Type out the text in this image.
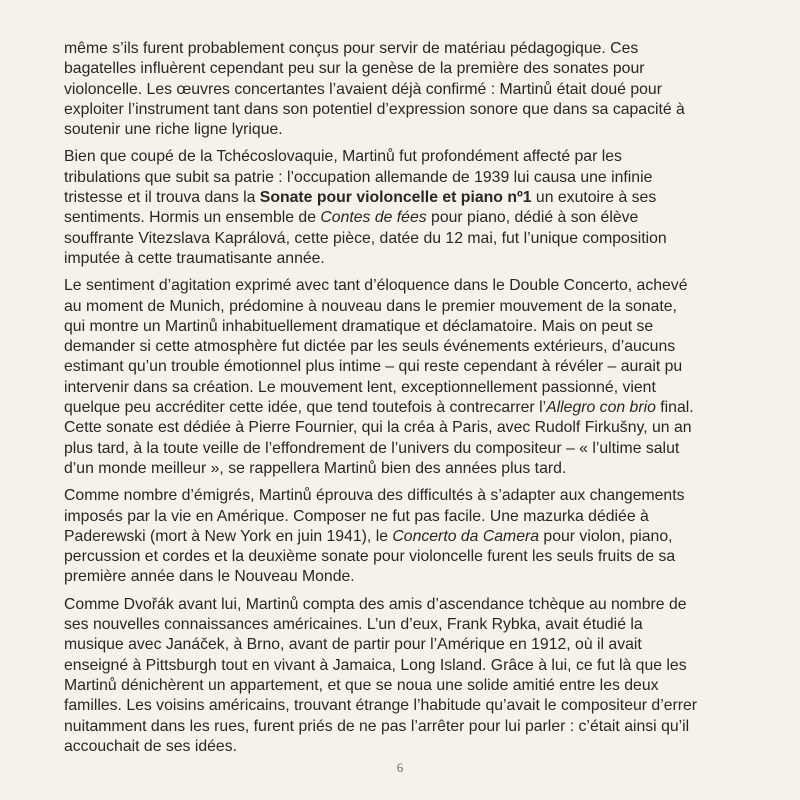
même s’ils furent probablement conçus pour servir de matériau pédagogique. Ces
bagatelles influèrent cependant peu sur la genèse de la première des sonates pour
violoncelle. Les œuvres concertantes l’avaient déjà confirmé : Martinů était doué pour
exploiter l’instrument tant dans son potentiel d’expression sonore que dans sa capacité à
soutenir une riche ligne lyrique.

Bien que coupé de la Tchécoslovaquie, Martinů fut profondément affecté par les
tribulations que subit sa patrie : l’occupation allemande de 1939 lui causa une infinie
tristesse et il trouva dans la Sonate pour violoncelle et piano nº1 un exutoire à ses
sentiments. Hormis un ensemble de Contes de fées pour piano, dédié à son élève
souffrante Vitezslava Kaprálová, cette pièce, datée du 12 mai, fut l’unique composition
imputée à cette traumatisante année.

Le sentiment d’agitation exprimé avec tant d’éloquence dans le Double Concerto, achevé
au moment de Munich, prédomine à nouveau dans le premier mouvement de la sonate,
qui montre un Martinů inhabituellement dramatique et déclamatoire. Mais on peut se
demander si cette atmosphère fut dictée par les seuls événements extérieurs, d’aucuns
estimant qu’un trouble émotionnel plus intime – qui reste cependant à révéler – aurait pu
intervenir dans sa création. Le mouvement lent, exceptionnellement passionné, vient
quelque peu accréditer cette idée, que tend toutefois à contrecarrer l’Allegro con brio final.
Cette sonate est dédiée à Pierre Fournier, qui la créa à Paris, avec Rudolf Firkušny, un an
plus tard, à la toute veille de l’effondrement de l’univers du compositeur – « l’ultime salut
d’un monde meilleur », se rappellera Martinů bien des années plus tard.

Comme nombre d’émigrés, Martinů éprouva des difficultés à s’adapter aux changements
imposés par la vie en Amérique. Composer ne fut pas facile. Une mazurka dédiée à
Paderewski (mort à New York en juin 1941), le Concerto da Camera pour violon, piano,
percussion et cordes et la deuxième sonate pour violoncelle furent les seuls fruits de sa
première année dans le Nouveau Monde.

Comme Dvořák avant lui, Martinů compta des amis d’ascendance tchèque au nombre de
ses nouvelles connaissances américaines. L’un d’eux, Frank Rybka, avait étudié la
musique avec Janáček, à Brno, avant de partir pour l’Amérique en 1912, où il avait
enseigné à Pittsburgh tout en vivant à Jamaica, Long Island. Grâce à lui, ce fut là que les
Martinů dénichèrent un appartement, et que se noua une solide amitié entre les deux
familles. Les voisins américains, trouvant étrange l’habitude qu’avait le compositeur d’errer
nuitamment dans les rues, furent priés de ne pas l’arrêter pour lui parler : c’était ainsi qu’il
accouchait de ses idées.

6
